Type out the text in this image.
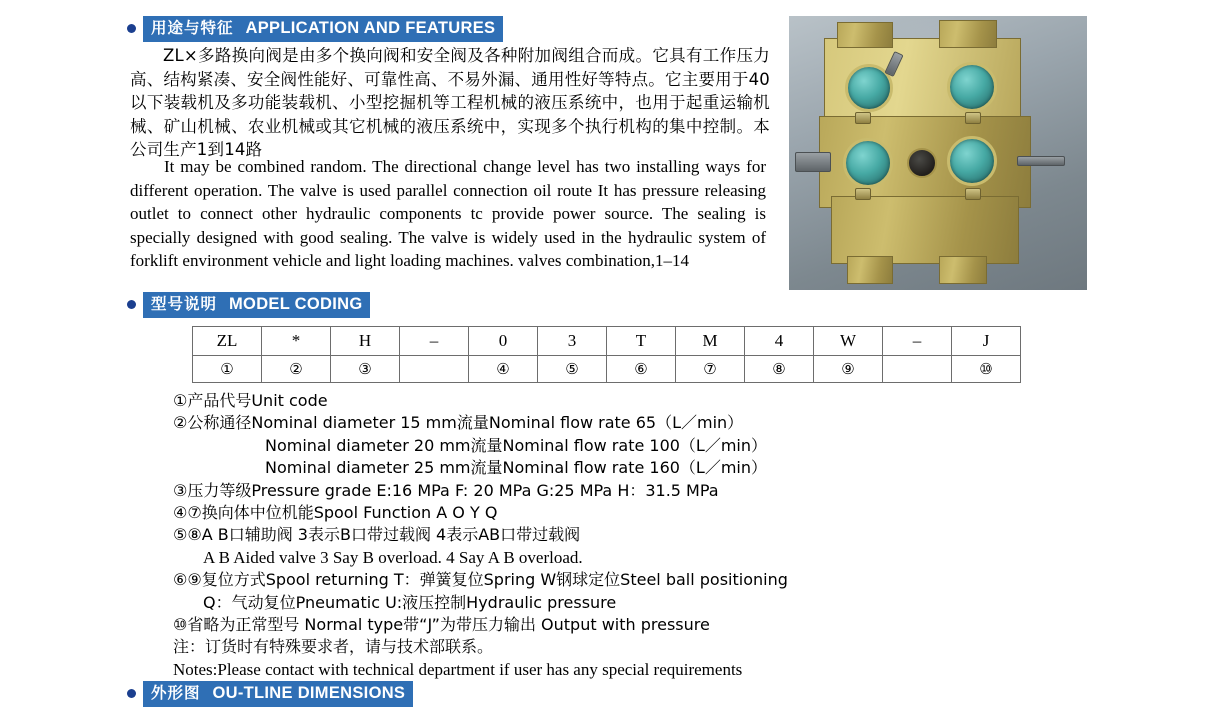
用途与特征 APPLICATION AND FEATURES
ZL×多路换向阀是由多个换向阀和安全阀及各种附加阀组合而成。它具有工作压力高、结构紧凑、安全阀性能好、可靠性高、不易外漏、通用性好等特点。它主要用于40以下装载机及多功能装载机、小型挖掘机等工程机械的液压系统中，也用于起重运输机械、矿山机械、农业机械或其它机械的液压系统中，实现多个执行机构的集中控制。本公司生产1到14路
It may be combined random. The directional change level has two installing ways for different operation. The valve is used parallel connection oil route It has pressure releasing outlet to connect other hydraulic components tc provide power source. The sealing is specially designed with good sealing. The valve is widely used in the hydraulic system of forklift environment vehicle and light loading machines. valves combination,1–14
型号说明 MODEL CODING
ZL	*	H	–	0	3	T	M	4	W	–	J
①	②	③		④	⑤	⑥	⑦	⑧	⑨		⑩
①产品代号Unit code
②公称通径Nominal diameter 15 mm流量Nominal flow rate 65（L／min）
Nominal diameter 20 mm流量Nominal flow rate 100（L／min）
Nominal diameter 25 mm流量Nominal flow rate 160（L／min）
③压力等级Pressure grade E:16 MPa F: 20 MPa G:25 MPa H：31.5 MPa
④⑦换向体中位机能Spool Function A O Y Q
⑤⑧A B口辅助阀 3表示B口带过载阀 4表示AB口带过载阀
A B Aided valve 3 Say B overload. 4 Say A B overload.
⑥⑨复位方式Spool returning T：弹簧复位Spring W钢球定位Steel ball positioning
Q：气动复位Pneumatic U:液压控制Hydraulic pressure
⑩省略为正常型号 Normal type带“J”为带压力输出 Output with pressure
注：订货时有特殊要求者，请与技术部联系。
Notes:Please contact with technical department if user has any special requirements
外形图 OU-TLINE DIMENSIONS
